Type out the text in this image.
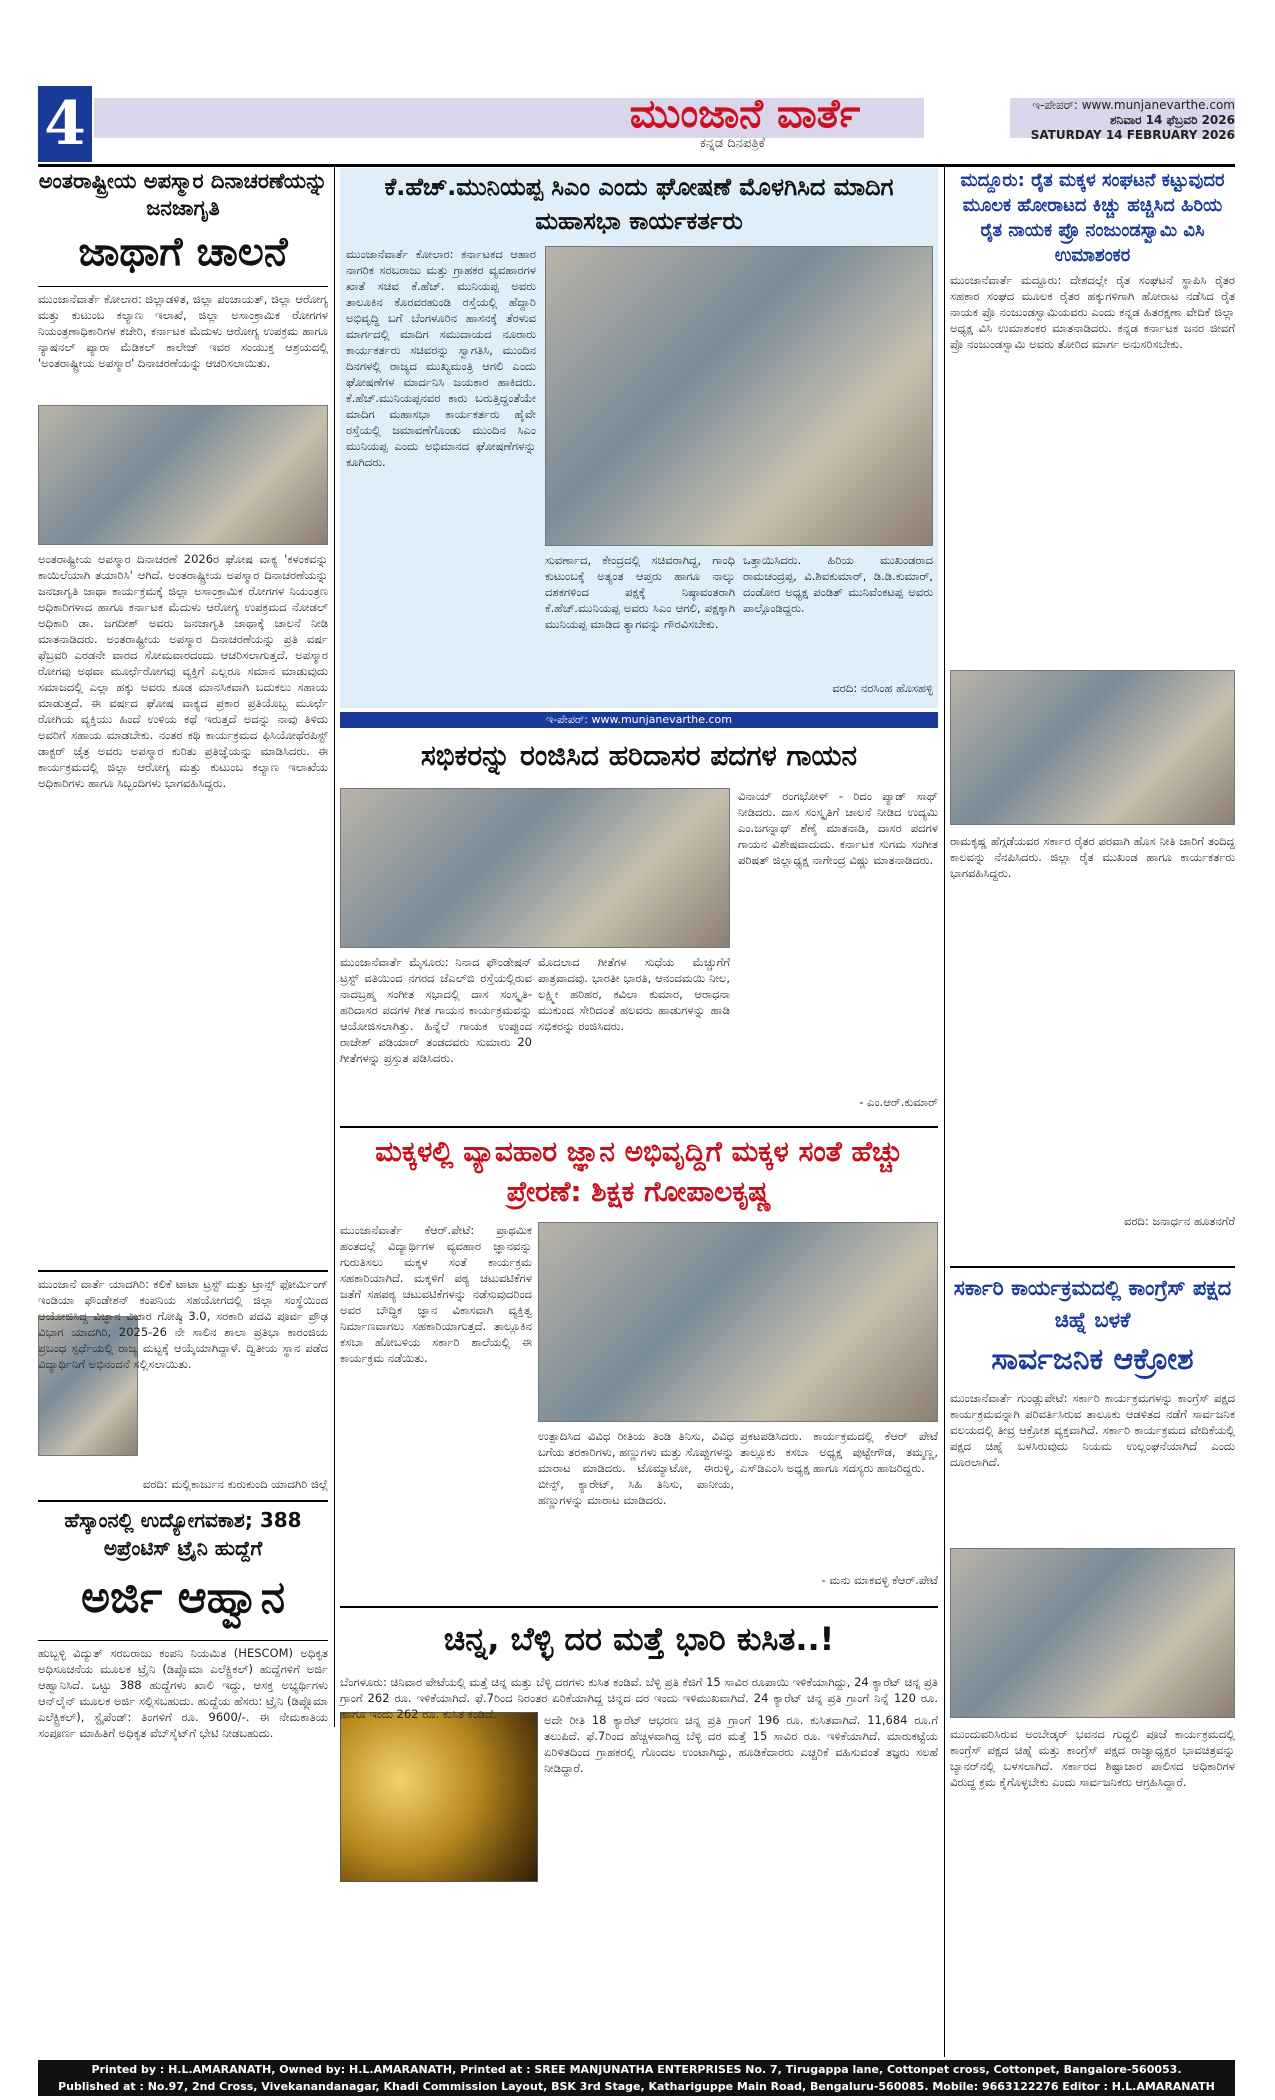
4	ಮುಂಜಾನೆ ವಾರ್ತೆ
ಕನ್ನಡ ದಿನಪತ್ರಿಕೆ
ಇ-ಪೇಪರ್: www.munjanevarthe.com
ಶನಿವಾರ 14 ಫೆಬ್ರವರಿ 2026
SATURDAY 14 FEBRUARY 2026
ಅಂತರಾಷ್ಟ್ರೀಯ ಅಪಸ್ಮಾರ ದಿನಾಚರಣೆಯನ್ನು ಜನಜಾಗೃತಿ
ಜಾಥಾಗೆ ಚಾಲನೆ
ಮುಂಜಾನೆವಾರ್ತೆ ಕೋಲಾರ: ಜಿಲ್ಲಾಡಳಿತ, ಜಿಲ್ಲಾ ಪಂಚಾಯತ್, ಜಿಲ್ಲಾ ಆರೋಗ್ಯ ಮತ್ತು ಕುಟುಂಬ ಕಲ್ಯಾಣ ಇಲಾಖೆ, ಜಿಲ್ಲಾ ಅಸಾಂಕ್ರಾಮಿಕ ರೋಗಗಳ ನಿಯಂತ್ರಣಾಧಿಕಾರಿಗಳ ಕಚೇರಿ, ಕರ್ನಾಟಕ ಮೆದುಳು ಆರೋಗ್ಯ ಉಪಕ್ರಮ ಹಾಗೂ ನ್ಯಾಷನಲ್ ಪ್ಯಾರಾ ಮೆಡಿಕಲ್ ಕಾಲೇಜ್ ಇವರ ಸಂಯುಕ್ತ ಆಶ್ರಯದಲ್ಲಿ 'ಅಂತರಾಷ್ಟ್ರೀಯ ಅಪಸ್ಮಾರ' ದಿನಾಚರಣೆಯನ್ನು ಆಚರಿಸಲಾಯಿತು.
ಅಂತರಾಷ್ಟ್ರೀಯ ಅಪಸ್ಮಾರ ದಿನಾಚರಣೆ 2026ರ ಘೋಷ ವಾಕ್ಯ 'ಕಳಂಕವನ್ನು ಕಾಯಿಲೆಯಾಗಿ ತಯಾರಿಸಿ' ಆಗಿದೆ. ಅಂತರಾಷ್ಟ್ರೀಯ ಅಪಸ್ಮಾರ ದಿನಾಚರಣೆಯನ್ನು ಜನಜಾಗೃತಿ ಜಾಥಾ ಕಾರ್ಯಕ್ರಮಕ್ಕೆ ಜಿಲ್ಲಾ ಅಸಾಂಕ್ರಾಮಿಕ ರೋಗಗಳ ನಿಯಂತ್ರಣ ಅಧಿಕಾರಿಗಳಾದ ಹಾಗೂ ಕರ್ನಾಟಕ ಮೆದುಳು ಆರೋಗ್ಯ ಉಪಕ್ರಮದ ನೋಡಲ್ ಅಧಿಕಾರಿ ಡಾ. ಜಗದೀಶ್ ಅವರು ಜನಜಾಗೃತಿ ಜಾಥಾಕ್ಕೆ ಚಾಲನೆ ನೀಡಿ ಮಾತನಾಡಿದರು. ಅಂತರಾಷ್ಟ್ರೀಯ ಅಪಸ್ಮಾರ ದಿನಾಚರಣೆಯನ್ನು ಪ್ರತಿ ವರ್ಷ ಫೆಬ್ರವರಿ ಎರಡನೇ ವಾರದ ಸೋಮವಾರದಂದು ಆಚರಿಸಲಾಗುತ್ತದೆ. ಅಪಸ್ಮಾರ ರೋಗವು ಅಥವಾ ಮೂರ್ಛೆರೋಗವು ವ್ಯಕ್ತಿಗೆ ಎಲ್ಲರೂ ಸಮಾನ ಮಾಡುವುದು ಸಮಾಜದಲ್ಲಿ ಎಲ್ಲಾ ಹಕ್ಕು ಅವರು ಕೂಡ ಮಾನಸಿಕವಾಗಿ ಬದುಕಲು ಸಹಾಯ ಮಾಡುತ್ತದೆ. ಈ ವರ್ಷದ ಘೋಷ ವಾಕ್ಯದ ಪ್ರಕಾರ ಪ್ರತಿಯೊಬ್ಬ ಮೂರ್ಛೆ ರೋಗಿಯ ವ್ಯಕ್ತಿಯು ಹಿಂದೆ ಉಳಿಯ ಕಥೆ ಇರುತ್ತದೆ ಅದನ್ನು ನಾವು ತಿಳಿದು ಅವರಿಗೆ ಸಹಾಯ ಮಾಡಬೇಕು. ನಂತರ ಕಥಿ ಕಾರ್ಯಕ್ರಮದ ಫಿಸಿಯೋಥೆರಪಿಸ್ಟ್ ಡಾಕ್ಟರ್ ಚೈತ್ರ ಅವರು ಅಪಸ್ಮಾರ ಕುರಿತು ಪ್ರತಿಜ್ಞೆಯನ್ನು ಮಾಡಿಸಿದರು. ಈ ಕಾರ್ಯಕ್ರಮದಲ್ಲಿ ಜಿಲ್ಲಾ ಆರೋಗ್ಯ ಮತ್ತು ಕುಟುಂಬ ಕಲ್ಯಾಣ ಇಲಾಖೆಯ ಅಧಿಕಾರಿಗಳು ಹಾಗೂ ಸಿಬ್ಬಂದಿಗಳು ಭಾಗವಹಿಸಿದ್ದರು.
ಮುಂಜಾನೆ ವಾರ್ತೆ ಯಾದಗಿರಿ: ಕಲಿಕೆ ಟಾಟಾ ಟ್ರಸ್ಟ್ ಮತ್ತು ಟ್ರಾನ್ಸ್ ಫೋರ್ಮಿಂಗ್ ಇಂಡಿಯಾ ಫೌಂಡೇಶನ್ ಕಂಪನಿಯ ಸಹಯೋಗದಲ್ಲಿ ಜಿಲ್ಲಾ ಸಂಸ್ಥೆಯಿಂದ ಆಯೋಜಿಸಿದ್ದ ವಿಜ್ಞಾನ ವಿಚಾರ ಗೋಷ್ಠಿ 3.0, ಸರಕಾರಿ ಪದವಿ ಪೂರ್ವ ಪ್ರೌಢ ವಿಭಾಗ ಯಾದಗಿರಿ, 2025-26 ನೇ ಸಾಲಿನ ಶಾಲಾ ಪ್ರತಿಭಾ ಕಾರಂಜಿಯ ಪ್ರಬಂಧ ಸ್ಪರ್ಧೆಯಲ್ಲಿ ರಾಜ್ಯ ಮಟ್ಟಕ್ಕೆ ಆಯ್ಕೆಯಾಗಿದ್ದಾಳೆ. ದ್ವಿತೀಯ ಸ್ಥಾನ ಪಡೆದ ವಿದ್ಯಾರ್ಥಿನಿಗೆ ಅಭಿನಂದನೆ ಸಲ್ಲಿಸಲಾಯಿತು.
ವರದಿ: ಮಲ್ಲಿಕಾರ್ಜುನ ಕುರುಕುಂದಿ ಯಾದಗಿರಿ ಜಿಲ್ಲೆ
ಹೆಸ್ಕಾಂನಲ್ಲಿ ಉದ್ಯೋಗವಕಾಶ; 388 ಅಪ್ರೆಂಟಿಸ್ ಟ್ರೈನಿ ಹುದ್ದೆಗೆ
ಅರ್ಜಿ ಆಹ್ವಾನ
ಹುಬ್ಬಳ್ಳಿ ವಿದ್ಯುತ್ ಸರಬರಾಜು ಕಂಪನಿ ನಿಯಮಿತ (HESCOM) ಅಧಿಕೃತ ಅಧಿಸೂಚನೆಯ ಮೂಲಕ ಟ್ರೈನಿ (ಡಿಪ್ಲೊಮಾ ಎಲೆಕ್ಟ್ರಿಕಲ್) ಹುದ್ದೆಗಳಿಗೆ ಅರ್ಜಿ ಆಹ್ವಾನಿಸಿದೆ. ಒಟ್ಟು 388 ಹುದ್ದೆಗಳು ಖಾಲಿ ಇದ್ದು, ಆಸಕ್ತ ಅಭ್ಯರ್ಥಿಗಳು ಆನ್‌ಲೈನ್ ಮೂಲಕ ಅರ್ಜಿ ಸಲ್ಲಿಸಬಹುದು. ಹುದ್ದೆಯ ಹೆಸರು: ಟ್ರೈನಿ (ಡಿಪ್ಲೊಮಾ ಎಲೆಕ್ಟ್ರಿಕಲ್), ಸ್ಟೈಪೆಂಡ್: ತಿಂಗಳಿಗೆ ರೂ. 9600/-. ಈ ನೇಮಕಾತಿಯ ಸಂಪೂರ್ಣ ಮಾಹಿತಿಗೆ ಅಧಿಕೃತ ವೆಬ್‌ಸೈಟ್‌ಗೆ ಭೇಟಿ ನೀಡಬಹುದು.
ಕೆ.ಹೆಚ್.ಮುನಿಯಪ್ಪ ಸಿಎಂ ಎಂದು ಘೋಷಣೆ ಮೊಳಗಿಸಿದ ಮಾದಿಗ ಮಹಾಸಭಾ ಕಾರ್ಯಕರ್ತರು
ಮುಂಜಾನೆವಾರ್ತೆ ಕೋಲಾರ: ಕರ್ನಾಟಕದ ಆಹಾರ ನಾಗರಿಕ ಸರಬರಾಜು ಮತ್ತು ಗ್ರಾಹಕರ ವ್ಯವಹಾರಗಳ ಖಾತೆ ಸಚಿವ ಕೆ.ಹೆಚ್. ಮುನಿಯಪ್ಪ ಅವರು ತಾಲೂಕಿನ ಕೊರವರಹುಂಡಿ ರಸ್ತೆಯಲ್ಲಿ ಹೆದ್ದಾರಿ ಅಭಿವೃದ್ಧಿ ಬಗೆ ಬೆಂಗಳೂರಿನ ಹಾಸನಕ್ಕೆ ತೆರಳುವ ಮಾರ್ಗದಲ್ಲಿ ಮಾದಿಗ ಸಮುದಾಯದ ನೂರಾರು ಕಾರ್ಯಕರ್ತರು ಸಚಿವರನ್ನು ಸ್ವಾಗತಿಸಿ, ಮುಂದಿನ ದಿನಗಳಲ್ಲಿ ರಾಜ್ಯದ ಮುಖ್ಯಮಂತ್ರಿ ಆಗಲಿ ಎಂದು ಘೋಷಣೆಗಳ ಮಾರ್ದನಿಸಿ ಜಯಕಾರ ಹಾಕಿದರು. ಕೆ.ಹೆಚ್.ಮುನಿಯಪ್ಪನವರ ಕಾರು ಬರುತ್ತಿದ್ದಂತೆಯೇ ಮಾದಿಗ ಮಹಾಸಭಾ ಕಾರ್ಯಕರ್ತರು ಹೈವೇ ರಸ್ತೆಯಲ್ಲಿ ಜಮಾವಣೆಗೊಂಡು ಮುಂದಿನ ಸಿಎಂ ಮುನಿಯಪ್ಪ ಎಂದು ಅಭಿಮಾನದ ಘೋಷಣೆಗಳನ್ನು ಕೂಗಿದರು.
ಸುವರ್ಣಾದ, ಕೇಂದ್ರದಲ್ಲಿ ಸಚಿವರಾಗಿದ್ದ, ಗಾಂಧಿ ಕುಟುಂಬಕ್ಕೆ ಅತ್ಯಂತ ಆಪ್ತರು ಹಾಗೂ ನಾಲ್ಕು ದಶಕಗಳಿಂದ ಪಕ್ಷಕ್ಕೆ ನಿಷ್ಠಾವಂತರಾಗಿ ಕೆ.ಹೆಚ್.ಮುನಿಯಪ್ಪ ಅವರು ಸಿಎಂ ಆಗಲಿ, ಪಕ್ಷಕ್ಕಾಗಿ ಮುನಿಯಪ್ಪ ಮಾಡಿದ ತ್ಯಾಗವನ್ನು ಗೌರವಿಸಬೇಕು.
ಒತ್ತಾಯಿಸಿದರು. ಹಿರಿಯ ಮುಖಂಡರಾದ ರಾಮಚಂದ್ರಪ್ಪ, ವಿ.ಶಿವಕುಮಾರ್, ಡಿ.ಡಿ.ಕುಮಾರ್, ದಂಡೋರ ಅಧ್ಯಕ್ಷ ಪಂಡಿತ್ ಮುನಿವೆಂಕಟಪ್ಪ ಅವರು ಪಾಲ್ಗೊಂಡಿದ್ದರು.
ವರದಿ: ನರಸಿಂಹ ಹೊಸಹಳ್ಳಿ
ಇ-ಪೇಪರ್: www.munjanevarthe.com
ಸಭಿಕರನ್ನು ರಂಜಿಸಿದ ಹರಿದಾಸರ ಪದಗಳ ಗಾಯನ
ವಿನಾಯ್ ರಂಗಭೋಳ್ - ರಿದಂ ಪ್ಯಾಡ್ ಸಾಥ್ ನೀಡಿದರು. ದಾಸ ಸಂಸ್ಕೃತಿಗೆ ಚಾಲನೆ ನೀಡಿದ ಉದ್ಯಮಿ ಎಂ.ಜಗನ್ನಾಥ್ ಶೆಣೈ ಮಾತನಾಡಿ, ದಾಸರ ಪದಗಳ ಗಾಯನ ವಿಶೇಷವಾದುದು. ಕರ್ನಾಟಕ ಸುಗಮ ಸಂಗೀತ ಪರಿಷತ್ ಜಿಲ್ಲಾಧ್ಯಕ್ಷ ನಾಗೇಂದ್ರ ವಿಷ್ಣು ಮಾತನಾಡಿದರು.
ಮುಂಜಾನೆವಾರ್ತೆ ಮೈಸೂರು: ನಿನಾದ ಫೌಂಡೇಷನ್ ಟ್ರಸ್ಟ್ ವತಿಯಿಂದ ನಗರದ ಜೆಎಲ್‌ಬಿ ರಸ್ತೆಯಲ್ಲಿರುವ ನಾದಬ್ರಹ್ಮ ಸಂಗೀತ ಸಭಾದಲ್ಲಿ ದಾಸ ಸಂಸ್ಕೃತಿ-ಹರಿದಾಸರ ಪದಗಳ ಗೀತ ಗಾಯನ ಕಾರ್ಯಕ್ರಮವನ್ನು ಆಯೋಜಿಸಲಾಗಿತ್ತು. ಹಿನ್ನೆಲೆ ಗಾಯಕ ಉಪ್ಪುಂದ ರಾಜೇಶ್ ಪಡಿಯಾರ್ ತಂಡದವರು ಸುಮಾರು 20 ಗೀತೆಗಳನ್ನು ಪ್ರಸ್ತುತ ಪಡಿಸಿದರು.
ಮೊದಲಾದ ಗೀತೆಗಳ ಸುಧೆಯ ಮೆಚ್ಚುಗೆಗೆ ಪಾತ್ರವಾದವು. ಭಾರತೀ ಭಾರತಿ, ಆನಂದಮಯಿ ನೀಲ, ಲಕ್ಷ್ಮೀ ಹರಿಹರ, ಕವಿಲಾ ಕುಮಾರ, ಆರಾಧನಾ ಮುಕುಂದ ಸೇರಿದಂತೆ ಹಲವರು ಹಾಡುಗಳನ್ನು ಹಾಡಿ ಸಭಿಕರನ್ನು ರಂಜಿಸಿದರು.
- ಎಂ.ಆರ್.ಕುಮಾರ್
ಮಕ್ಕಳಲ್ಲಿ ವ್ಯಾವಹಾರ ಜ್ಞಾನ ಅಭಿವೃದ್ದಿಗೆ ಮಕ್ಕಳ ಸಂತೆ ಹೆಚ್ಚು ಪ್ರೇರಣೆ: ಶಿಕ್ಷಕ ಗೋಪಾಲಕೃಷ್ಣ
ಮುಂಜಾನೆವಾರ್ತೆ ಕೆಆರ್.ಪೇಟೆ: ಪ್ರಾಥಮಿಕ ಹಂತದಲ್ಲೆ ವಿದ್ಯಾರ್ಥಿಗಳ ವ್ಯವಹಾರ ಜ್ಞಾನವನ್ನು ಗುರುತಿಸಲು ಮಕ್ಕಳ ಸಂತೆ ಕಾರ್ಯಕ್ರಮ ಸಹಕಾರಿಯಾಗಿದೆ. ಮಕ್ಕಳಿಗೆ ಪಠ್ಯ ಚಟುವಟಿಕೆಗಳ ಜತೆಗೆ ಸಹಪಠ್ಯ ಚಟುವಟಿಕೆಗಳನ್ನು ನಡೆಸುವುದರಿಂದ ಅವರ ಬೌದ್ಧಿಕ ಜ್ಞಾನ ವಿಕಾಸವಾಗಿ ವ್ಯಕ್ತಿತ್ವ ನಿರ್ಮಾಣವಾಗಲು ಸಹಕಾರಿಯಾಗುತ್ತದೆ. ತಾಲ್ಲೂಕಿನ ಕಸಬಾ ಹೋಬಳಿಯ ಸರ್ಕಾರಿ ಶಾಲೆಯಲ್ಲಿ ಈ ಕಾರ್ಯಕ್ರಮ ನಡೆಯಿತು.
ಉತ್ಪಾದಿಸಿದ ವಿವಿಧ ರೀತಿಯ ತಿಂಡಿ ತಿನಿಸು, ವಿವಿಧ ಬಗೆಯ ತರಕಾರಿಗಳು, ಹಣ್ಣುಗಳು ಮತ್ತು ಸೊಪ್ಪುಗಳನ್ನು ಮಾರಾಟ ಮಾಡಿದರು. ಟೊಮ್ಯಾಟೋ, ಈರುಳ್ಳಿ, ಬೀನ್ಸ್, ಕ್ಯಾರೇಟ್, ಸಿಹಿ ತಿನಿಸು, ಪಾನೀಯ, ಹಣ್ಣುಗಳನ್ನು ಮಾರಾಟ ಮಾಡಿದರು.
ಪ್ರಕಟಪಡಿಸಿದರು. ಕಾರ್ಯಕ್ರಮದಲ್ಲಿ ಕೆಆರ್ ಪೇಟೆ ತಾಲ್ಲೂಕು ಕಸಬಾ ಅಧ್ಯಕ್ಷ ಪುಟ್ಟೇಗೌಡ, ತಮ್ಮಣ್ಣ, ಎಸ್‌ಡಿಎಂಸಿ ಅಧ್ಯಕ್ಷ ಹಾಗೂ ಸದಸ್ಯರು ಹಾಜರಿದ್ದರು.
- ಮನು ಮಾಕವಳ್ಳಿ ಕೆಆರ್.ಪೇಟೆ
ಚಿನ್ನ, ಬೆಳ್ಳಿ ದರ ಮತ್ತೆ ಭಾರಿ ಕುಸಿತ..!
ಬೆಂಗಳೂರು: ಚಿನಿವಾರ ಪೇಟೆಯಲ್ಲಿ ಮತ್ತೆ ಚಿನ್ನ ಮತ್ತು ಬೆಳ್ಳಿ ದರಗಳು ಕುಸಿತ ಕಂಡಿವೆ. ಬೆಳ್ಳಿ ಪ್ರತಿ ಕೆಜಿಗೆ 15 ಸಾವಿರ ರೂಪಾಯಿ ಇಳಿಕೆಯಾಗಿದ್ದು, 24 ಕ್ಯಾರೆಟ್ ಚಿನ್ನ ಪ್ರತಿ ಗ್ರಾಂಗೆ 262 ರೂ. ಇಳಿಕೆಯಾಗಿದೆ. ಫೆ.7ರಿಂದ ನಿರಂತರ ಏರಿಕೆಯಾಗಿದ್ದ ಚಿನ್ನದ ದರ ಇಂದು ಇಳಿಮುಖವಾಗಿದೆ. 24 ಕ್ಯಾರೆಟ್ ಚಿನ್ನ ಪ್ರತಿ ಗ್ರಾಂಗೆ ನಿನ್ನೆ 120 ರೂ. ಹಾಗೂ ಇಂದು 262 ರೂ. ಕುಸಿತ ಕಂಡಿದೆ.	ಅದೇ ರೀತಿ 18 ಕ್ಯಾರೆಟ್ ಆಭರಣ ಚಿನ್ನ ಪ್ರತಿ ಗ್ರಾಂಗೆ 196 ರೂ. ಕುಸಿತವಾಗಿದೆ. 11,684 ರೂ.ಗೆ ತಲುಪಿದೆ. ಫೆ.7ರಿಂದ ಹೆಚ್ಚಳವಾಗಿದ್ದ ಬೆಳ್ಳಿ ದರ ಮತ್ತೆ 15 ಸಾವಿರ ರೂ. ಇಳಿಕೆಯಾಗಿದೆ. ಮಾರುಕಟ್ಟೆಯ ಏರಿಳಿತದಿಂದ ಗ್ರಾಹಕರಲ್ಲಿ ಗೊಂದಲ ಉಂಟಾಗಿದ್ದು, ಹೂಡಿಕೆದಾರರು ಎಚ್ಚರಿಕೆ ವಹಿಸುವಂತೆ ತಜ್ಞರು ಸಲಹೆ ನೀಡಿದ್ದಾರೆ.
ಮದ್ದೂರು: ರೈತ ಮಕ್ಕಳ ಸಂಘಟನೆ ಕಟ್ಟುವುದರ ಮೂಲಕ ಹೋರಾಟದ ಕಿಚ್ಚು ಹಚ್ಚಿಸಿದ ಹಿರಿಯ ರೈತ ನಾಯಕ ಪ್ರೊ ನಂಜುಂಡಸ್ವಾಮಿ ವಿಸಿ ಉಮಾಶಂಕರ
ಮುಂಜಾನೆವಾರ್ತೆ ಮದ್ದೂರು: ದೇಶದಲ್ಲೇ ರೈತ ಸಂಘಟನೆ ಸ್ಥಾಪಿಸಿ ರೈತರ ಸಹಕಾರ ಸಂಘದ ಮೂಲಕ ರೈತರ ಹಕ್ಕುಗಳಿಗಾಗಿ ಹೋರಾಟ ನಡೆಸಿದ ರೈತ ನಾಯಕ ಪ್ರೊ ನಂಜುಂಡಸ್ವಾಮಿಯವರು ಎಂದು ಕನ್ನಡ ಹಿತರಕ್ಷಣಾ ವೇದಿಕೆ ಜಿಲ್ಲಾ ಅಧ್ಯಕ್ಷ ವಿಸಿ ಉಮಾಶಂಕರ ಮಾತನಾಡಿದರು. ಕನ್ನಡ ಕರ್ನಾಟಕ ಜನರ ಜೀವಗೆ ಪ್ರೊ ನಂಜುಂಡಸ್ವಾಮಿ ಅವರು ತೋರಿದ ಮಾರ್ಗ ಅನುಸರಿಸಬೇಕು.
ರಾಮಕೃಷ್ಣ ಹೆಗ್ಗಡೆಯವರ ಸರ್ಕಾರ ರೈತರ ಪರವಾಗಿ ಹೊಸ ನೀತಿ ಜಾರಿಗೆ ತಂದಿದ್ದ ಕಾಲವನ್ನು ನೆನಪಿಸಿದರು. ಜಿಲ್ಲಾ ರೈತ ಮುಖಂಡ ಹಾಗೂ ಕಾರ್ಯಕರ್ತರು ಭಾಗವಹಿಸಿದ್ದರು.
ವರದಿ: ಜನಾರ್ಧನ ಹೂತನಗೆರೆ
ಸರ್ಕಾರಿ ಕಾರ್ಯಕ್ರಮದಲ್ಲಿ ಕಾಂಗ್ರೆಸ್ ಪಕ್ಷದ ಚಿಹ್ನೆ ಬಳಕೆ
ಸಾರ್ವಜನಿಕ ಆಕ್ರೋಶ
ಮುಂಜಾನೆವಾರ್ತೆ ಗುಂಡ್ಲುಪೇಟೆ: ಸರ್ಕಾರಿ ಕಾರ್ಯಕ್ರಮಗಳನ್ನು ಕಾಂಗ್ರೆಸ್ ಪಕ್ಷದ ಕಾರ್ಯಕ್ರಮವನ್ನಾಗಿ ಪರಿವರ್ತಿಸಿರುವ ತಾಲೂಕು ಆಡಳಿತದ ನಡೆಗೆ ಸಾರ್ವಜನಿಕ ವಲಯದಲ್ಲಿ ತೀವ್ರ ಆಕ್ರೋಶ ವ್ಯಕ್ತವಾಗಿದೆ. ಸರ್ಕಾರಿ ಕಾರ್ಯಕ್ರಮದ ವೇದಿಕೆಯಲ್ಲಿ ಪಕ್ಷದ ಚಿಹ್ನೆ ಬಳಸಿರುವುದು ನಿಯಮ ಉಲ್ಲಂಘನೆಯಾಗಿದೆ ಎಂದು ದೂರಲಾಗಿದೆ.
ಮುಂದುವರಿಸಿರುವ ಅಂಬೇಡ್ಕರ್ ಭವನದ ಗುದ್ದಲಿ ಪೂಜೆ ಕಾರ್ಯಕ್ರಮದಲ್ಲಿ ಕಾಂಗ್ರೆಸ್ ಪಕ್ಷದ ಚಿಹ್ನೆ ಮತ್ತು ಕಾಂಗ್ರೆಸ್ ಪಕ್ಷದ ರಾಜ್ಯಾಧ್ಯಕ್ಷರ ಭಾವಚಿತ್ರವನ್ನು ಬ್ಯಾನರ್‌ನಲ್ಲಿ ಬಳಸಲಾಗಿದೆ. ಸರ್ಕಾರದ ಶಿಷ್ಟಾಚಾರ ಪಾಲಿಸದ ಅಧಿಕಾರಿಗಳ ವಿರುದ್ಧ ಕ್ರಮ ಕೈಗೊಳ್ಳಬೇಕು ಎಂದು ಸಾರ್ವಜನಿಕರು ಆಗ್ರಹಿಸಿದ್ದಾರೆ.
Printed by : H.L.AMARANATH, Owned by: H.L.AMARANATH, Printed at : SREE MANJUNATHA ENTERPRISES No. 7, Tirugappa lane, Cottonpet cross, Cottonpet, Bangalore-560053.
Published at : No.97, 2nd Cross, Vivekanandanagar, Khadi Commission Layout, BSK 3rd Stage, Kathariguppe Main Road, Bengaluru-560085. Mobile: 9663122276 Editor : H.L.AMARANATH
